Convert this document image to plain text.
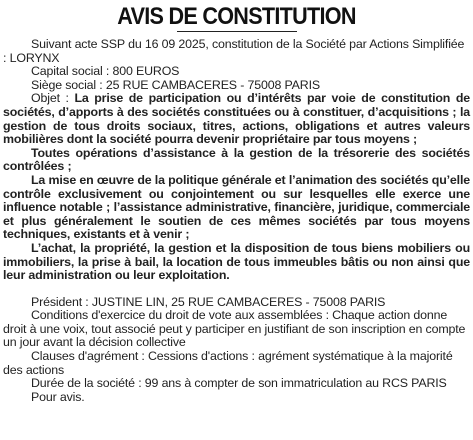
AVIS DE CONSTITUTION

Suivant acte SSP du 16 09 2025, constitution de la Société par Actions Simplifiée : LORYNX

Capital social : 800 EUROS

Siège social : 25 RUE CAMBACERES - 75008 PARIS

Objet : La prise de participation ou d’intérêts par voie de constitution de sociétés, d’apports à des sociétés constituées ou à constituer, d’acquisitions ; la gestion de tous droits sociaux, titres, actions, obligations et autres valeurs mobilières dont la société pourra devenir propriétaire par tous moyens ;

Toutes opérations d’assistance à la gestion de la trésorerie des sociétés contrôlées ;

La mise en œuvre de la politique générale et l’animation des sociétés qu’elle contrôle exclusivement ou conjointement ou sur lesquelles elle exerce une influence notable ; l’assistance administrative, financière, juridique, commerciale et plus généralement le soutien de ces mêmes sociétés par tous moyens techniques, existants et à venir ;

L’achat, la propriété, la gestion et la disposition de tous biens mobiliers ou immobiliers, la prise à bail, la location de tous immeubles bâtis ou non ainsi que leur administration ou leur exploitation.

Président : JUSTINE LIN, 25 RUE CAMBACERES - 75008 PARIS

Conditions d'exercice du droit de vote aux assemblées : Chaque action donne droit à une voix, tout associé peut y participer en justifiant de son inscription en compte un jour avant la décision collective

Clauses d'agrément : Cessions d'actions : agrément systématique à la majorité des actions

Durée de la société : 99 ans à compter de son immatriculation au RCS PARIS

Pour avis.
